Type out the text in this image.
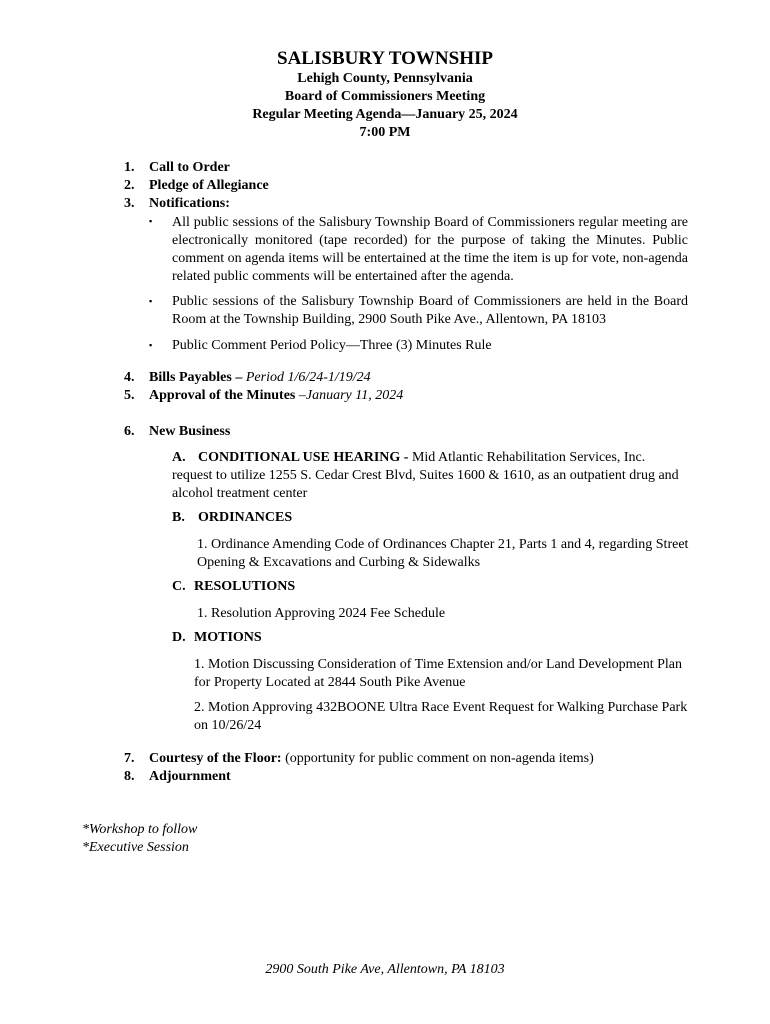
SALISBURY TOWNSHIP
Lehigh County, Pennsylvania
Board of Commissioners Meeting
Regular Meeting Agenda—January 25, 2024
7:00 PM
1. Call to Order
2. Pledge of Allegiance
3. Notifications:
▪ All public sessions of the Salisbury Township Board of Commissioners regular meeting are electronically monitored (tape recorded) for the purpose of taking the Minutes. Public comment on agenda items will be entertained at the time the item is up for vote, non-agenda related public comments will be entertained after the agenda.
▪ Public sessions of the Salisbury Township Board of Commissioners are held in the Board Room at the Township Building, 2900 South Pike Ave., Allentown, PA 18103
▪ Public Comment Period Policy—Three (3) Minutes Rule
4. Bills Payables – Period 1/6/24-1/19/24
5. Approval of the Minutes –January 11, 2024
6. New Business
A. CONDITIONAL USE HEARING - Mid Atlantic Rehabilitation Services, Inc. request to utilize 1255 S. Cedar Crest Blvd, Suites 1600 & 1610, as an outpatient drug and alcohol treatment center
B. ORDINANCES
1. Ordinance Amending Code of Ordinances Chapter 21, Parts 1 and 4, regarding Street Opening & Excavations and Curbing & Sidewalks
C. RESOLUTIONS
1. Resolution Approving 2024 Fee Schedule
D. MOTIONS
1. Motion Discussing Consideration of Time Extension and/or Land Development Plan for Property Located at 2844 South Pike Avenue
2. Motion Approving 432BOONE Ultra Race Event Request for Walking Purchase Park on 10/26/24
7. Courtesy of the Floor: (opportunity for public comment on non-agenda items)
8. Adjournment
*Workshop to follow
*Executive Session
2900 South Pike Ave, Allentown, PA 18103
